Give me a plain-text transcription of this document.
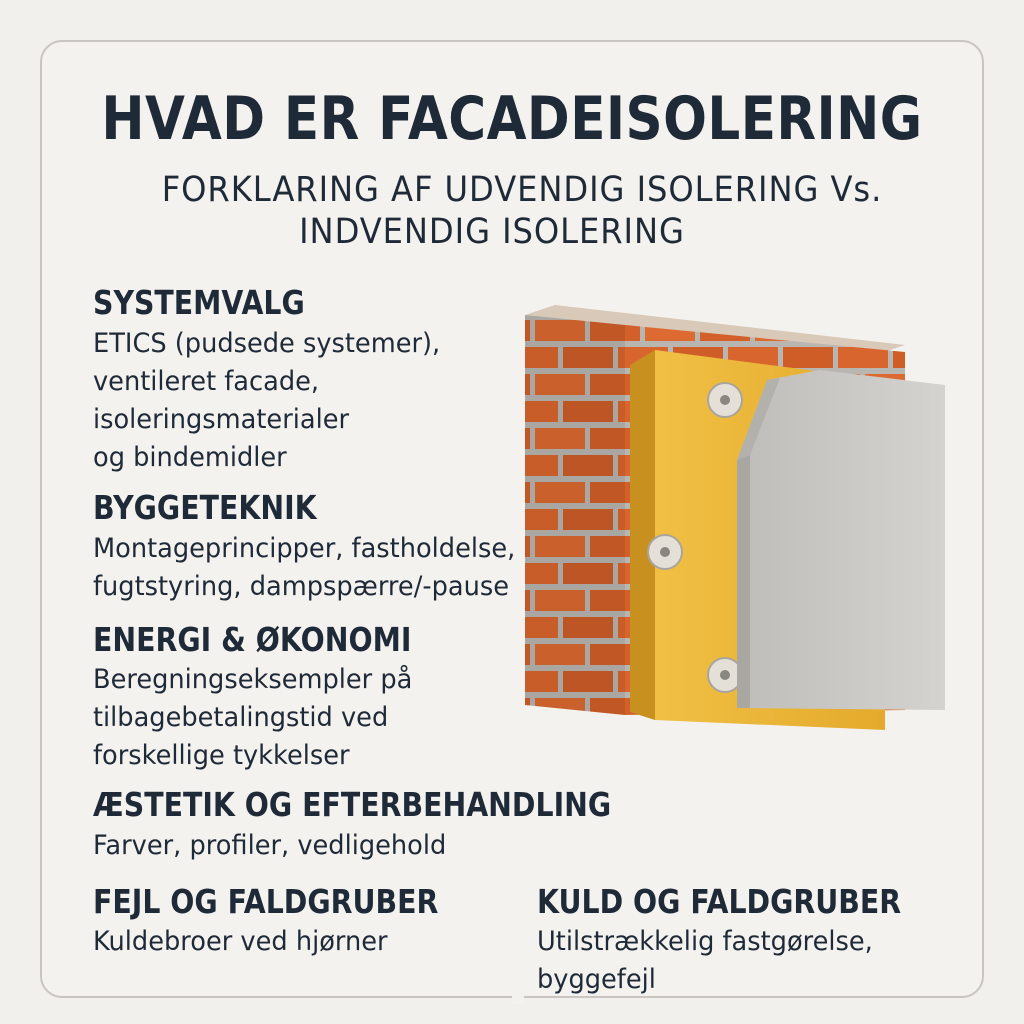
HVAD ER FACADEISOLERING
FORKLARING AF UDVENDIG ISOLERING Vs.
INDVENDIG ISOLERING
SYSTEMVALG
ETICS (pudsede systemer),
ventileret facade,
isoleringsmaterialer
og bindemidler
BYGGETEKNIK
Montageprincipper, fastholdelse,
fugtstyring, dampspærre/-pause
ENERGI & ØKONOMI
Beregningseksempler på
tilbagebetalingstid ved
forskellige tykkelser
ÆSTETIK OG EFTERBEHANDLING
Farver, profiler, vedligehold
FEJL OG FALDGRUBER
Kuldebroer ved hjørner
KULD OG FALDGRUBER
Utilstrækkelig fastgørelse,
byggefejl
